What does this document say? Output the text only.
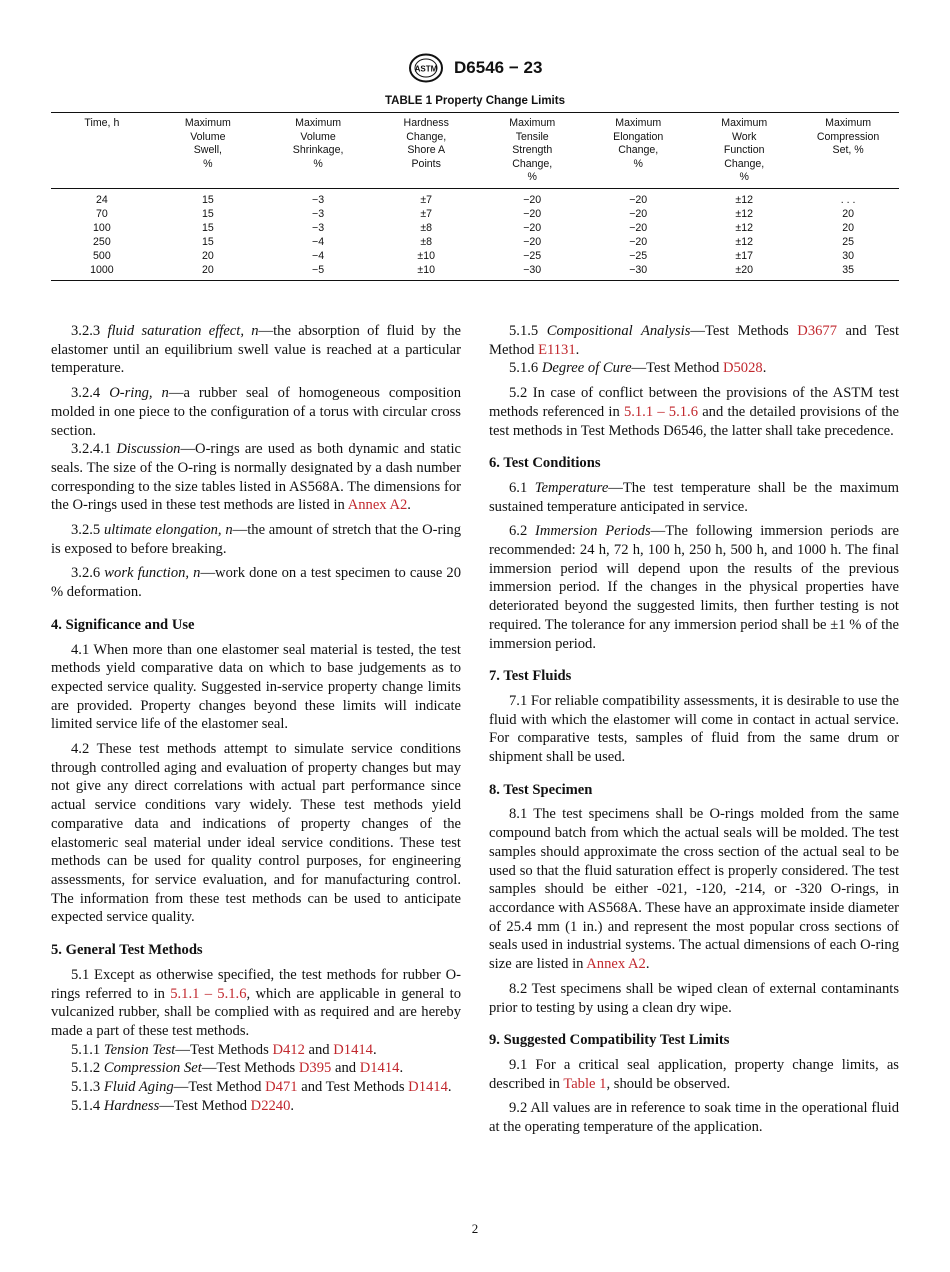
ASTM D6546 − 23
TABLE 1 Property Change Limits
Time, h	Maximum
Volume
Swell,
%	Maximum
Volume
Shrinkage,
%	Hardness
Change,
Shore A
Points	Maximum
Tensile
Strength
Change,
%	Maximum
Elongation
Change,
%	Maximum
Work
Function
Change,
%	Maximum
Compression
Set, %
24	15	−3	±7	−20	−20	±12	. . .
70	15	−3	±7	−20	−20	±12	20
100	15	−3	±8	−20	−20	±12	20
250	15	−4	±8	−20	−20	±12	25
500	20	−4	±10	−25	−25	±17	30
1000	20	−5	±10	−30	−30	±20	35

3.2.3 fluid saturation effect, n—the absorption of fluid by the elastomer until an equilibrium swell value is reached at a particular temperature.

3.2.4 O-ring, n—a rubber seal of homogeneous composition molded in one piece to the configuration of a torus with circular cross section.

3.2.4.1 Discussion—O-rings are used as both dynamic and static seals. The size of the O-ring is normally designated by a dash number corresponding to the size tables listed in AS568A. The dimensions for the O-rings used in these test methods are listed in Annex A2.

3.2.5 ultimate elongation, n—the amount of stretch that the O-ring is exposed to before breaking.

3.2.6 work function, n—work done on a test specimen to cause 20 % deformation.

4. Significance and Use

4.1 When more than one elastomer seal material is tested, the test methods yield comparative data on which to base judgements as to expected service quality. Suggested in-service property change limits are provided. Property changes beyond these limits will indicate limited service life of the elastomer seal.

4.2 These test methods attempt to simulate service conditions through controlled aging and evaluation of property changes but may not give any direct correlations with actual part performance since actual service conditions vary widely. These test methods yield comparative data and indications of property changes of the elastomeric seal material under ideal service conditions. These test methods can be used for quality control purposes, for engineering assessments, for service evaluation, and for manufacturing control. The information from these test methods can be used to anticipate expected service quality.

5. General Test Methods

5.1 Except as otherwise specified, the test methods for rubber O-rings referred to in 5.1.1 – 5.1.6, which are applicable in general to vulcanized rubber, shall be complied with as required and are hereby made a part of these test methods.

5.1.1 Tension Test—Test Methods D412 and D1414.

5.1.2 Compression Set—Test Methods D395 and D1414.

5.1.3 Fluid Aging—Test Method D471 and Test Methods D1414.

5.1.4 Hardness—Test Method D2240.

5.1.5 Compositional Analysis—Test Methods D3677 and Test Method E1131.

5.1.6 Degree of Cure—Test Method D5028.

5.2 In case of conflict between the provisions of the ASTM test methods referenced in 5.1.1 – 5.1.6 and the detailed provisions of the test methods in Test Methods D6546, the latter shall take precedence.

6. Test Conditions

6.1 Temperature—The test temperature shall be the maximum sustained temperature anticipated in service.

6.2 Immersion Periods—The following immersion periods are recommended: 24 h, 72 h, 100 h, 250 h, 500 h, and 1000 h. The final immersion period will depend upon the results of the previous immersion period. If the changes in the physical properties have deteriorated beyond the suggested limits, then further testing is not required. The tolerance for any immersion period shall be ±1 % of the immersion period.

7. Test Fluids

7.1 For reliable compatibility assessments, it is desirable to use the fluid with which the elastomer will come in contact in actual service. For comparative tests, samples of fluid from the same drum or shipment shall be used.

8. Test Specimen

8.1 The test specimens shall be O-rings molded from the same compound batch from which the actual seals will be molded. The test samples should approximate the cross section of the actual seal to be used so that the fluid saturation effect is properly considered. The test samples should be either -021, -120, -214, or -320 O-rings, in accordance with AS568A. These have an approximate inside diameter of 25.4 mm (1 in.) and represent the most popular cross sections of seals used in industrial systems. The actual dimensions of each O-ring size are listed in Annex A2.

8.2 Test specimens shall be wiped clean of external contaminants prior to testing by using a clean dry wipe.

9. Suggested Compatibility Test Limits

9.1 For a critical seal application, property change limits, as described in Table 1, should be observed.

9.2 All values are in reference to soak time in the operational fluid at the operating temperature of the application.

2
